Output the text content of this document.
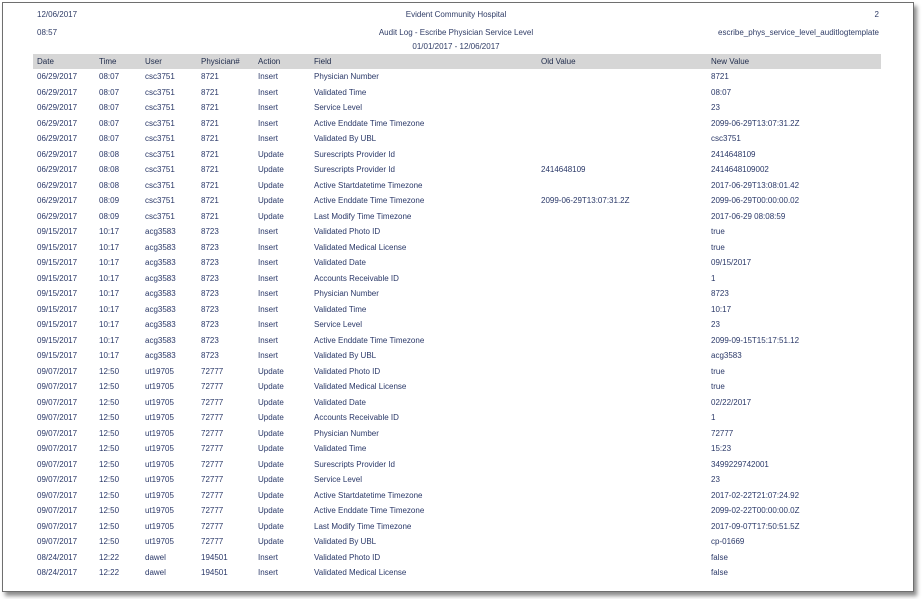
12/06/2017
08:57
Evident Community Hospital
Audit Log - Escribe Physician Service Level
01/01/2017 - 12/06/2017
2
escribe_phys_service_level_auditlogtemplate
Date	Time	User	Physician#	Action	Field	Old Value	New Value
06/29/2017	08:07	csc3751	8721	Insert	Physician Number		8721
06/29/2017	08:07	csc3751	8721	Insert	Validated Time		08:07
06/29/2017	08:07	csc3751	8721	Insert	Service Level		23
06/29/2017	08:07	csc3751	8721	Insert	Active Enddate Time Timezone		2099-06-29T13:07:31.2Z
06/29/2017	08:07	csc3751	8721	Insert	Validated By UBL		csc3751
06/29/2017	08:08	csc3751	8721	Update	Surescripts Provider Id		2414648109
06/29/2017	08:08	csc3751	8721	Update	Surescripts Provider Id	2414648109	2414648109002
06/29/2017	08:08	csc3751	8721	Update	Active Startdatetime Timezone		2017-06-29T13:08:01.42
06/29/2017	08:09	csc3751	8721	Update	Active Enddate Time Timezone	2099-06-29T13:07:31.2Z	2099-06-29T00:00:00.02
06/29/2017	08:09	csc3751	8721	Update	Last Modify Time Timezone		2017-06-29 08:08:59
09/15/2017	10:17	acg3583	8723	Insert	Validated Photo ID		true
09/15/2017	10:17	acg3583	8723	Insert	Validated Medical License		true
09/15/2017	10:17	acg3583	8723	Insert	Validated Date		09/15/2017
09/15/2017	10:17	acg3583	8723	Insert	Accounts Receivable ID		1
09/15/2017	10:17	acg3583	8723	Insert	Physician Number		8723
09/15/2017	10:17	acg3583	8723	Insert	Validated Time		10:17
09/15/2017	10:17	acg3583	8723	Insert	Service Level		23
09/15/2017	10:17	acg3583	8723	Insert	Active Enddate Time Timezone		2099-09-15T15:17:51.12
09/15/2017	10:17	acg3583	8723	Insert	Validated By UBL		acg3583
09/07/2017	12:50	ut19705	72777	Update	Validated Photo ID		true
09/07/2017	12:50	ut19705	72777	Update	Validated Medical License		true
09/07/2017	12:50	ut19705	72777	Update	Validated Date		02/22/2017
09/07/2017	12:50	ut19705	72777	Update	Accounts Receivable ID		1
09/07/2017	12:50	ut19705	72777	Update	Physician Number		72777
09/07/2017	12:50	ut19705	72777	Update	Validated Time		15:23
09/07/2017	12:50	ut19705	72777	Update	Surescripts Provider Id		3499229742001
09/07/2017	12:50	ut19705	72777	Update	Service Level		23
09/07/2017	12:50	ut19705	72777	Update	Active Startdatetime Timezone		2017-02-22T21:07:24.92
09/07/2017	12:50	ut19705	72777	Update	Active Enddate Time Timezone		2099-02-22T00:00:00.0Z
09/07/2017	12:50	ut19705	72777	Update	Last Modify Time Timezone		2017-09-07T17:50:51.5Z
09/07/2017	12:50	ut19705	72777	Update	Validated By UBL		cp-01669
08/24/2017	12:22	dawel	194501	Insert	Validated Photo ID		false
08/24/2017	12:22	dawel	194501	Insert	Validated Medical License		false
